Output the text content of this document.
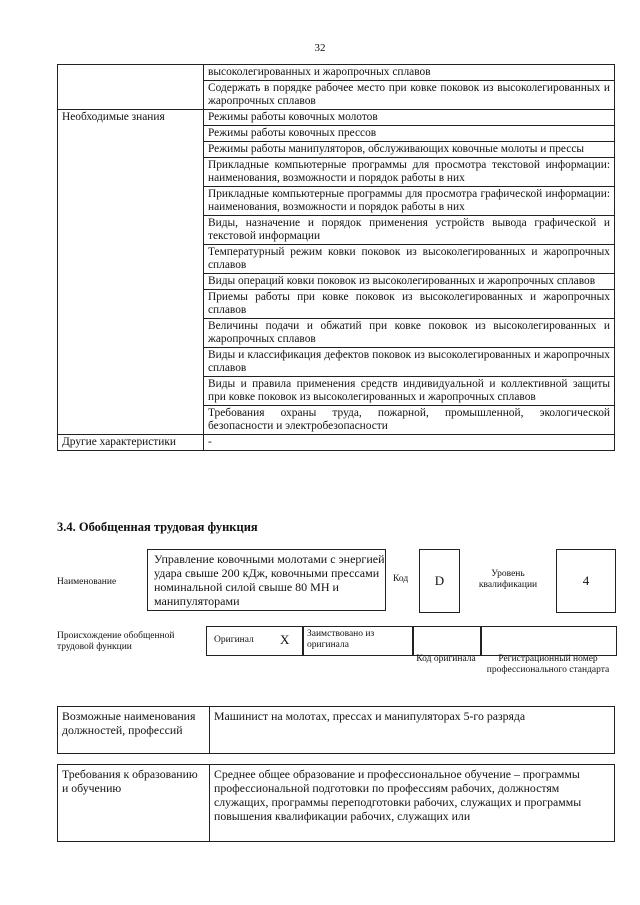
32
	высоколегированных и жаропрочных сплавов
	Содержать в порядке рабочее место при ковке поковок из высоколегированных и жаропрочных сплавов
Необходимые знания	Режимы работы ковочных молотов
	Режимы работы ковочных прессов
	Режимы работы манипуляторов, обслуживающих ковочные молоты и прессы
	Прикладные компьютерные программы для просмотра текстовой информации: наименования, возможности и порядок работы в них
	Прикладные компьютерные программы для просмотра графической информации: наименования, возможности и порядок работы в них
	Виды, назначение и порядок применения устройств вывода графической и текстовой информации
	Температурный режим ковки поковок из высоколегированных и жаропрочных сплавов
	Виды операций ковки поковок из высоколегированных и жаропрочных сплавов
	Приемы работы при ковке поковок из высоколегированных и жаропрочных сплавов
	Величины подачи и обжатий при ковке поковок из высоколегированных и жаропрочных сплавов
	Виды и классификация дефектов поковок из высоколегированных и жаропрочных сплавов
	Виды и правила применения средств индивидуальной и коллективной защиты при ковке поковок из высоколегированных и жаропрочных сплавов
	Требования охраны труда, пожарной, промышленной, экологической безопасности и электробезопасности
Другие характеристики	-
3.4. Обобщенная трудовая функция
Наименование
Управление ковочными молотами с энергией удара свыше 200 кДж, ковочными прессами номинальной силой свыше 80 МН и манипуляторами
Код	D	Уровень квалификации	4
Происхождение обобщенной трудовой функции
Оригинал X Заимствовано из оригинала
Код оригинала	Регистрационный номер профессионального стандарта
Возможные наименования должностей, профессий	Машинист на молотах, прессах и манипуляторах 5-го разряда
Требования к образованию и обучению	Среднее общее образование и профессиональное обучение – программы профессиональной подготовки по профессиям рабочих, должностям служащих, программы переподготовки рабочих, служащих и программы повышения квалификации рабочих, служащих или
